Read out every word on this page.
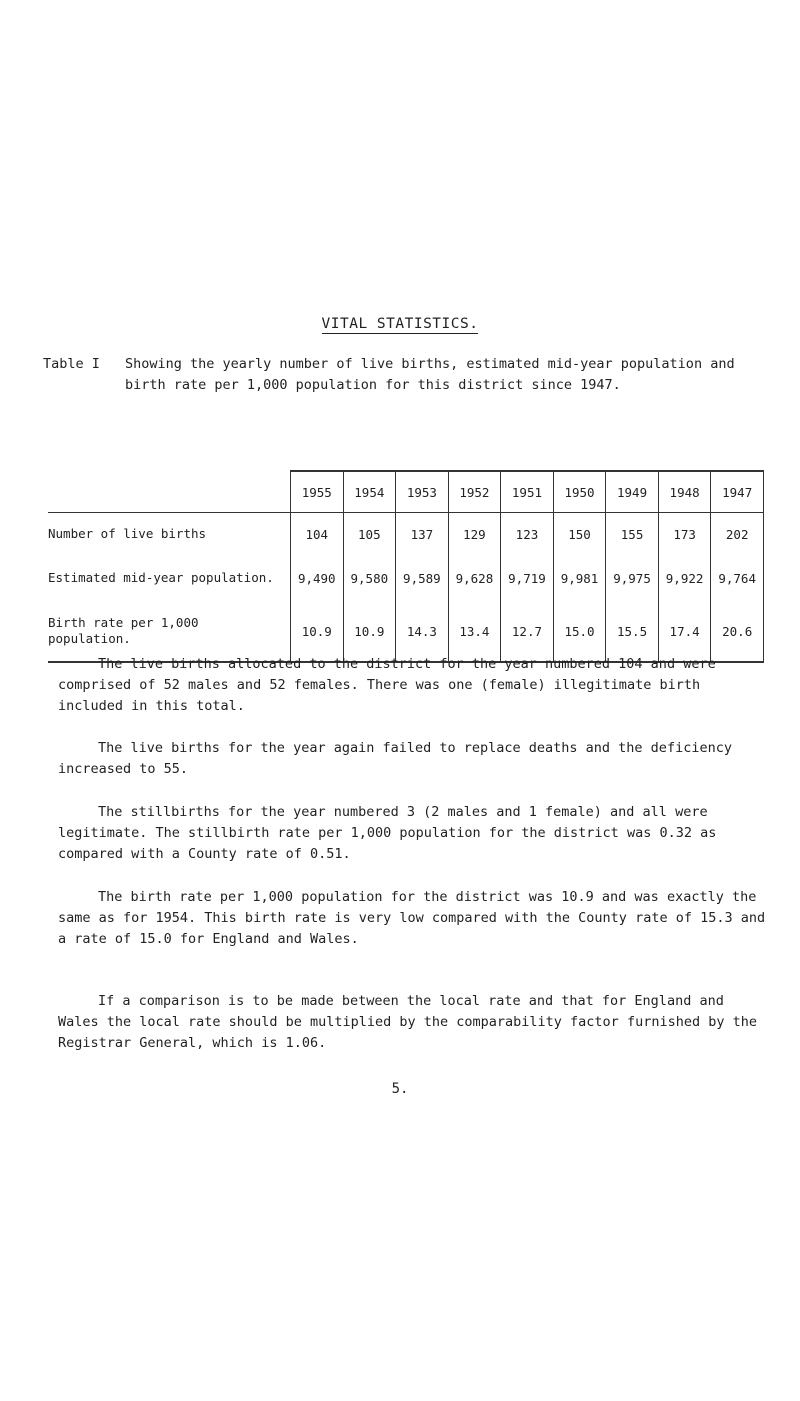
VITAL STATISTICS.
Table I	Showing the yearly number of live births, estimated mid-year population and birth rate per 1,000 population for this district since 1947.
	1955	1954	1953	1952	1951	1950	1949	1948	1947
Number of live births	104	105	137	129	123	150	155	173	202
Estimated mid-year population.	9,490	9,580	9,589	9,628	9,719	9,981	9,975	9,922	9,764
Birth rate per 1,000 population.	10.9	10.9	14.3	13.4	12.7	15.0	15.5	17.4	20.6

The live births allocated to the district for the year numbered 104 and were comprised of 52 males and 52 females. There was one (female) illegitimate birth included in this total.

The live births for the year again failed to replace deaths and the deficiency increased to 55.

The stillbirths for the year numbered 3 (2 males and 1 female) and all were legitimate. The stillbirth rate per 1,000 population for the district was 0.32 as compared with a County rate of 0.51.

The birth rate per 1,000 population for the district was 10.9 and was exactly the same as for 1954. This birth rate is very low compared with the County rate of 15.3 and a rate of 15.0 for England and Wales.

If a comparison is to be made between the local rate and that for England and Wales the local rate should be multiplied by the comparability factor furnished by the Registrar General, which is 1.06.

5.
